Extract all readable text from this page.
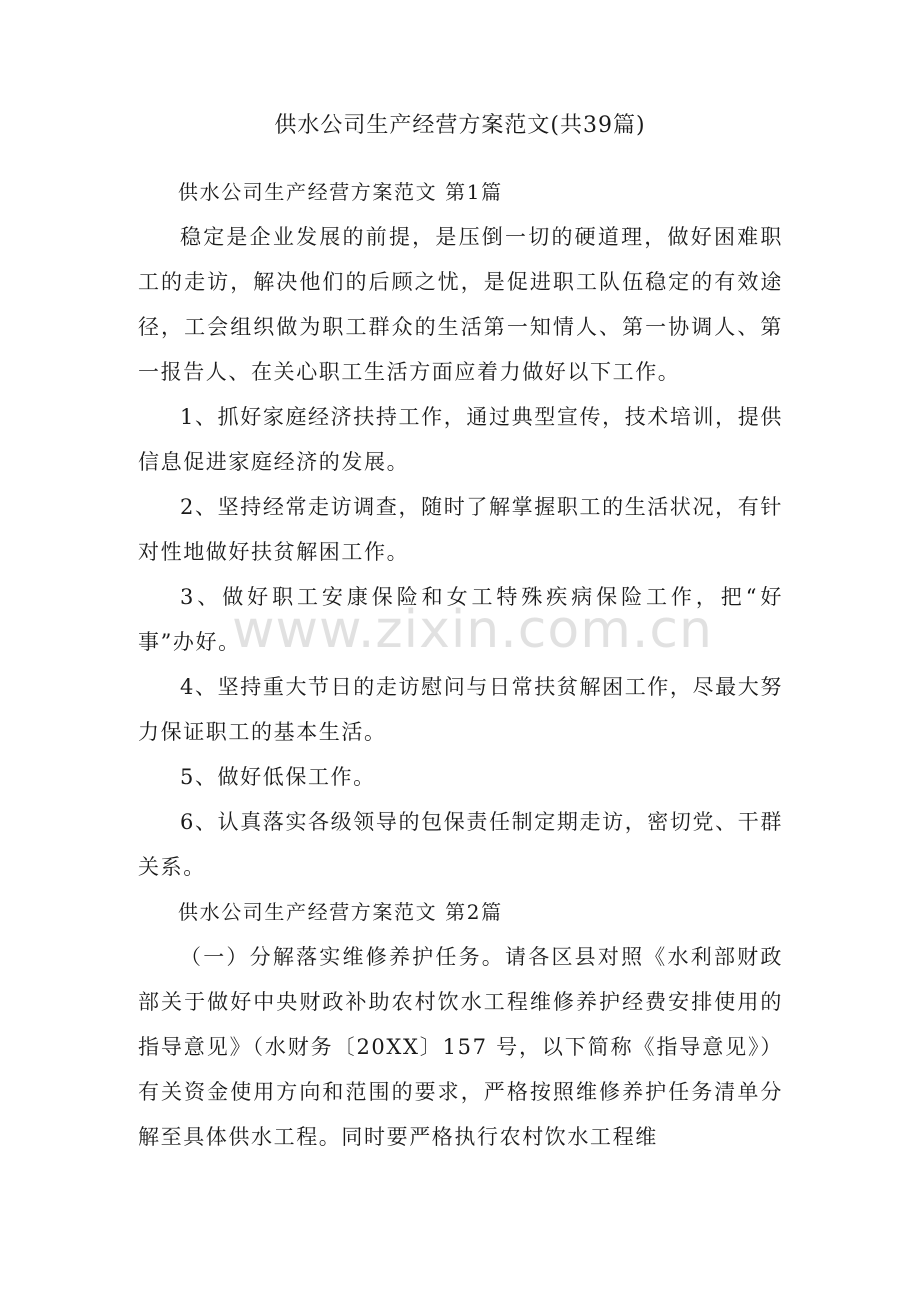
供水公司生产经营方案范文(共39篇)

供水公司生产经营方案范文 第1篇

稳定是企业发展的前提，是压倒一切的硬道理，做好困难职工的走访，解决他们的后顾之忧，是促进职工队伍稳定的有效途径，工会组织做为职工群众的生活第一知情人、第一协调人、第一报告人、在关心职工生活方面应着力做好以下工作。

1、抓好家庭经济扶持工作，通过典型宣传，技术培训，提供信息促进家庭经济的发展。

2、坚持经常走访调查，随时了解掌握职工的生活状况，有针对性地做好扶贫解困工作。

3、做好职工安康保险和女工特殊疾病保险工作，把“好事”办好。

4、坚持重大节日的走访慰问与日常扶贫解困工作，尽最大努力保证职工的基本生活。

5、做好低保工作。

6、认真落实各级领导的包保责任制定期走访，密切党、干群关系。

供水公司生产经营方案范文 第2篇

（一）分解落实维修养护任务。请各区县对照《水利部财政部关于做好中央财政补助农村饮水工程维修养护经费安排使用的指导意见》（水财务〔20XX〕157 号，以下简称《指导意见》）有关资金使用方向和范围的要求，严格按照维修养护任务清单分解至具体供水工程。同时要严格执行农村饮水工程维

www.zixin.com.cn
